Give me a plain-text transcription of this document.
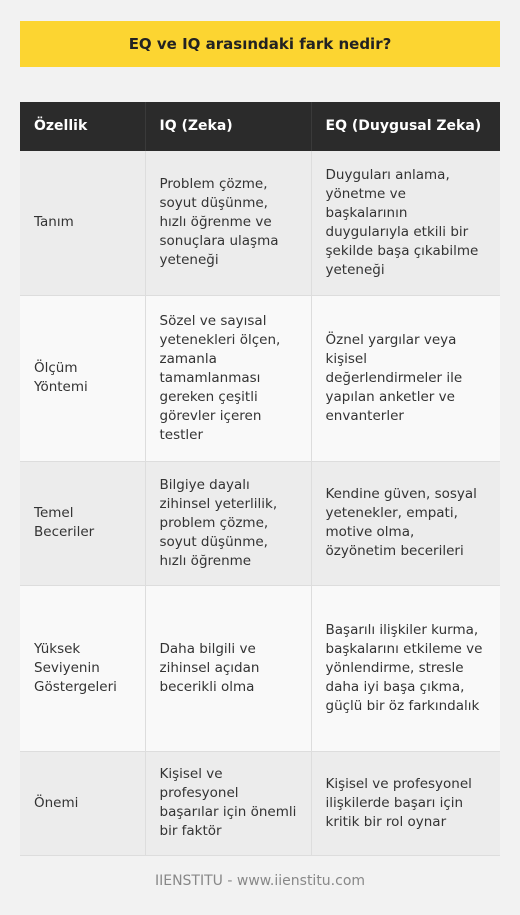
EQ ve IQ arasındaki fark nedir?
Özellik	IQ (Zeka)	EQ (Duygusal Zeka)
Tanım	Problem çözme, soyut düşünme, hızlı öğrenme ve sonuçlara ulaşma yeteneği	Duyguları anlama, yönetme ve başkalarının duygularıyla etkili bir şekilde başa çıkabilme yeteneği
Ölçüm Yöntemi	Sözel ve sayısal yetenekleri ölçen, zamanla tamamlanması gereken çeşitli görevler içeren testler	Öznel yargılar veya kişisel değerlendirmeler ile yapılan anketler ve envanterler
Temel Beceriler	Bilgiye dayalı zihinsel yeterlilik, problem çözme, soyut düşünme, hızlı öğrenme	Kendine güven, sosyal yetenekler, empati, motive olma, özyönetim becerileri
Yüksek Seviyenin Göstergeleri	Daha bilgili ve zihinsel açıdan becerikli olma	Başarılı ilişkiler kurma, başkalarını etkileme ve yönlendirme, stresle daha iyi başa çıkma, güçlü bir öz farkındalık
Önemi	Kişisel ve profesyonel başarılar için önemli bir faktör	Kişisel ve profesyonel ilişkilerde başarı için kritik bir rol oynar
IIENSTITU - www.iienstitu.com
